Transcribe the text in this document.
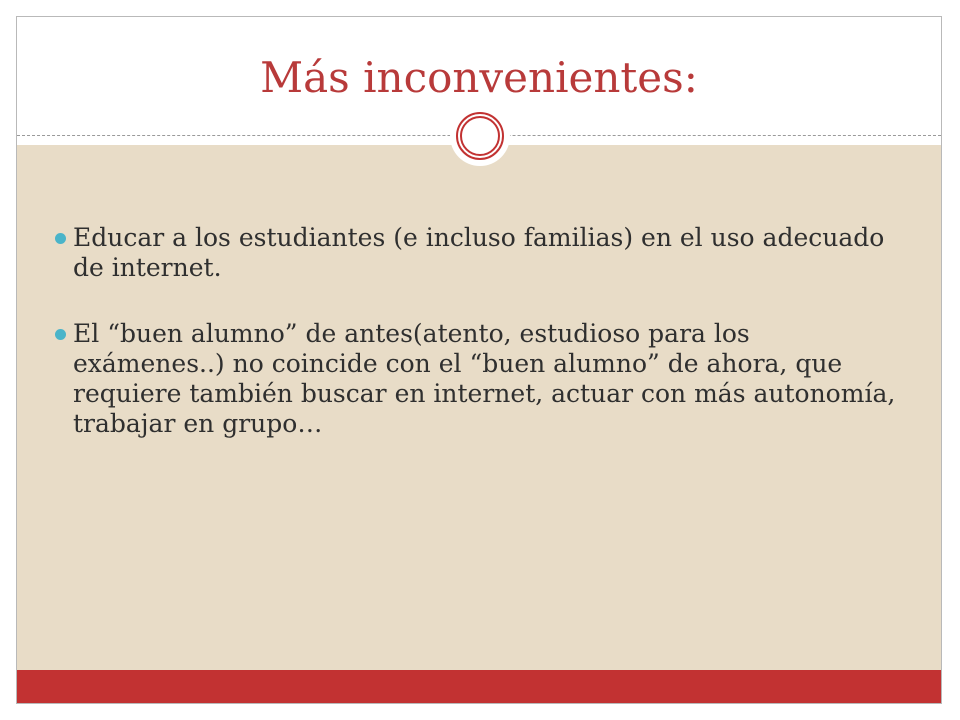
Más inconvenientes:
Educar a los estudiantes (e incluso familias) en el uso adecuado de internet.
El “buen alumno” de antes(atento, estudioso para los exámenes..) no coincide con el “buen alumno” de ahora, que requiere también buscar en internet, actuar con más autonomía, trabajar en grupo…
